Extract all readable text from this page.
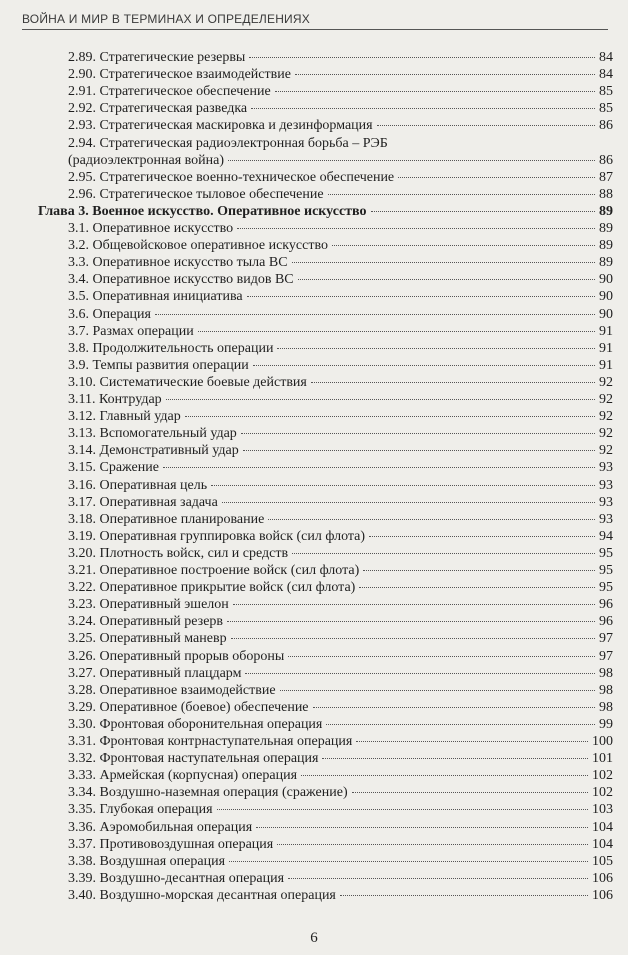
ВОЙНА И МИР В ТЕРМИНАХ И ОПРЕДЕЛЕНИЯХ
2.89. Стратегические резервы	84
2.90. Стратегическое взаимодействие	84
2.91. Стратегическое обеспечение	85
2.92. Стратегическая разведка	85
2.93. Стратегическая маскировка и дезинформация	86
2.94. Стратегическая радиоэлектронная борьба – РЭБ
(радиоэлектронная война)	86
2.95. Стратегическое военно-техническое обеспечение	87
2.96. Стратегическое тыловое обеспечение	88
Глава 3. Военное искусство. Оперативное искусство	89
3.1. Оперативное искусство	89
3.2. Общевойсковое оперативное искусство	89
3.3. Оперативное искусство тыла ВС	89
3.4. Оперативное искусство видов ВС	90
3.5. Оперативная инициатива	90
3.6. Операция	90
3.7. Размах операции	91
3.8. Продолжительность операции	91
3.9. Темпы развития операции	91
3.10. Систематические боевые действия	92
3.11. Контрудар	92
3.12. Главный удар	92
3.13. Вспомогательный удар	92
3.14. Демонстративный удар	92
3.15. Сражение	93
3.16. Оперативная цель	93
3.17. Оперативная задача	93
3.18. Оперативное планирование	93
3.19. Оперативная группировка войск (сил флота)	94
3.20. Плотность войск, сил и средств	95
3.21. Оперативное построение войск (сил флота)	95
3.22. Оперативное прикрытие войск (сил флота)	95
3.23. Оперативный эшелон	96
3.24. Оперативный резерв	96
3.25. Оперативный маневр	97
3.26. Оперативный прорыв обороны	97
3.27. Оперативный плацдарм	98
3.28. Оперативное взаимодействие	98
3.29. Оперативное (боевое) обеспечение	98
3.30. Фронтовая оборонительная операция	99
3.31. Фронтовая контрнаступательная операция	100
3.32. Фронтовая наступательная операция	101
3.33. Армейская (корпусная) операция	102
3.34. Воздушно-наземная операция (сражение)	102
3.35. Глубокая операция	103
3.36. Аэромобильная операция	104
3.37. Противовоздушная операция	104
3.38. Воздушная операция	105
3.39. Воздушно-десантная операция	106
3.40. Воздушно-морская десантная операция	106
6
